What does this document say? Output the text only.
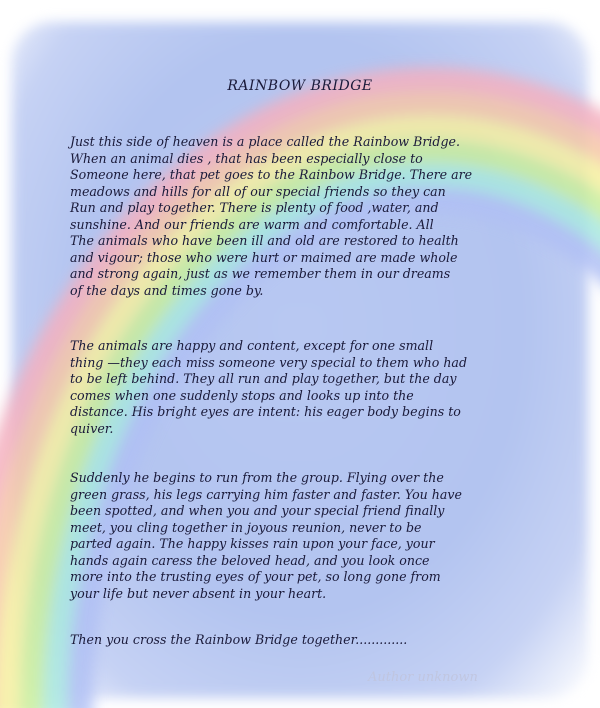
RAINBOW BRIDGE

Just this side of heaven is a place called the Rainbow Bridge.
When an animal dies , that has been especially close to
Someone here, that pet goes to the Rainbow Bridge. There are
meadows and hills for all of our special friends so they can
Run and play together. There is plenty of food ,water, and
sunshine. And our friends are warm and comfortable. All
The animals who have been ill and old are restored to health
and vigour; those who were hurt or maimed are made whole
and strong again, just as we remember them in our dreams
of the days and times gone by.

The animals are happy and content, except for one small
thing —they each miss someone very special to them who had
to be left behind. They all run and play together, but the day
comes when one suddenly stops and looks up into the
distance. His bright eyes are intent: his eager body begins to
quiver.

Suddenly he begins to run from the group. Flying over the
green grass, his legs carrying him faster and faster. You have
been spotted, and when you and your special friend finally
meet, you cling together in joyous reunion, never to be
parted again. The happy kisses rain upon your face, your
hands again caress the beloved head, and you look once
more into the trusting eyes of your pet, so long gone from
your life but never absent in your heart.

Then you cross the Rainbow Bridge together.............

Author unknown
